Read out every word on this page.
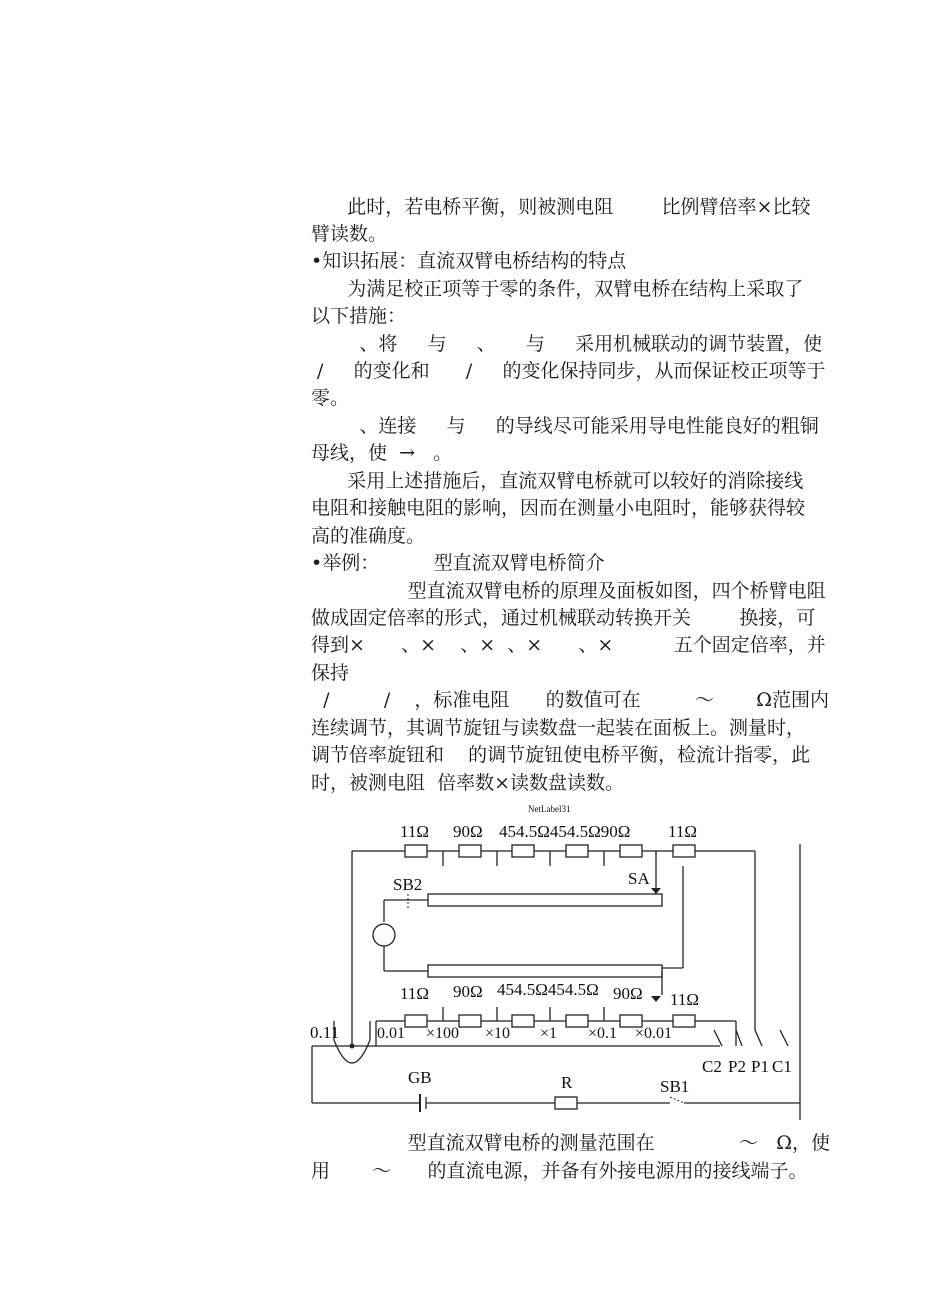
此时，若电桥平衡，则被测电阻        比例臂倍率×比较
臂读数。
•知识拓展：直流双臂电桥结构的特点
为满足校正项等于零的条件，双臂电桥在结构上采取了
以下措施：
、将     与     、     与     采用机械联动的调节装置，使
/     的变化和      /     的变化保持同步，从而保证校正项等于
零。
、连接     与     的导线尽可能采用导电性能良好的粗铜
母线，使  →   。
采用上述措施后，直流双臂电桥就可以较好的消除接线
电阻和接触电阻的影响，因而在测量小电阻时，能够获得较
高的准确度。
•举例：         型直流双臂电桥简介
型直流双臂电桥的原理及面板如图，四个桥臂电阻
做成固定倍率的形式，通过机械联动转换开关        换接，可
得到×      、×    、×  、×      、×          五个固定倍率，并
保持
/         /    ，标准电阻      的数值可在         ～       Ω范围内
连续调节，其调节旋钮与读数盘一起装在面板上。测量时，
调节倍率旋钮和    的调节旋钮使电桥平衡，检流计指零，此
时，被测电阻  倍率数×读数盘读数。
NetLabel31
11Ω 90Ω 454.5Ω454.5Ω90Ω 11Ω
SB2	SA
11Ω 90Ω 454.5Ω454.5Ω 90Ω 11Ω
0.11 0.01 ×100 ×10 ×1 ×0.1 ×0.01
C2 P2 P1 C1
GB	R	SB1
型直流双臂电桥的测量范围在              ～   Ω，使
用       ～      的直流电源，并备有外接电源用的接线端子。
